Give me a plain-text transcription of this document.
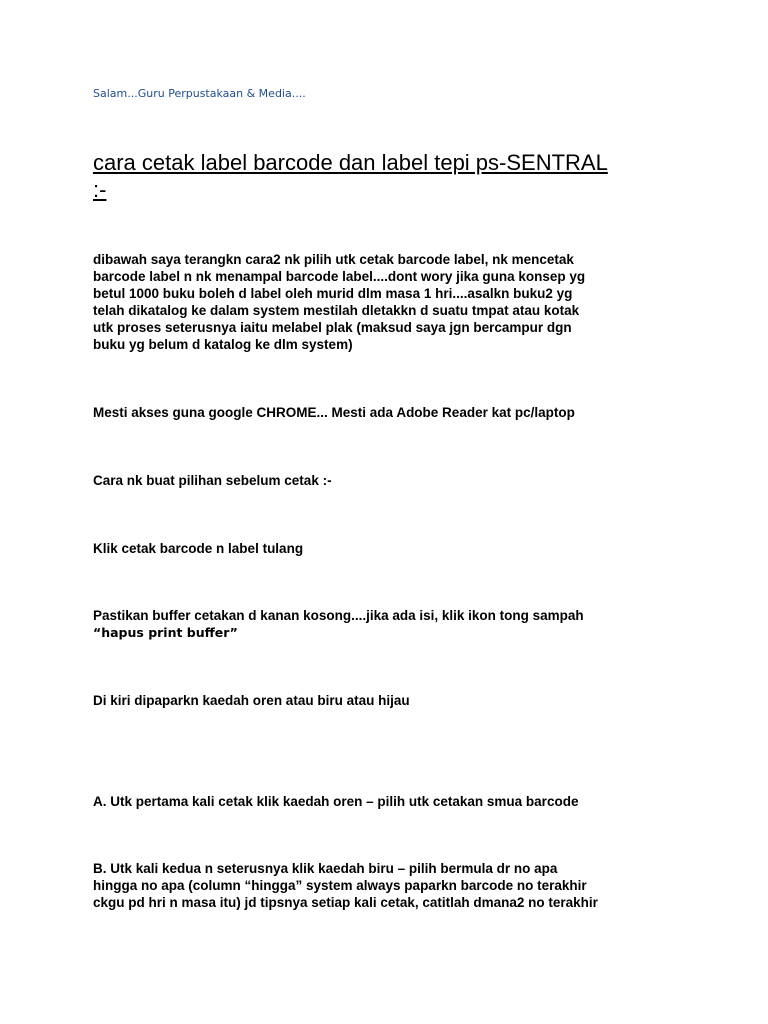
Salam...Guru Perpustakaan & Media....

cara cetak label barcode dan label tepi ps-SENTRAL
:-
dibawah saya terangkn cara2 nk pilih utk cetak barcode label, nk mencetak
barcode label n nk menampal barcode label....dont wory jika guna konsep yg
betul 1000 buku boleh d label oleh murid dlm masa 1 hri....asalkn buku2 yg
telah dikatalog ke dalam system mestilah dletakkn d suatu tmpat atau kotak
utk proses seterusnya iaitu melabel plak (maksud saya jgn bercampur dgn
buku yg belum d katalog ke dlm system)
Mesti akses guna google CHROME... Mesti ada Adobe Reader kat pc/laptop
Cara nk buat pilihan sebelum cetak :-
Klik cetak barcode n label tulang
Pastikan buffer cetakan d kanan kosong....jika ada isi, klik ikon tong sampah
“hapus print buffer”
Di kiri dipaparkn kaedah oren atau biru atau hijau
A. Utk pertama kali cetak klik kaedah oren – pilih utk cetakan smua barcode
B. Utk kali kedua n seterusnya klik kaedah biru – pilih bermula dr no apa
hingga no apa (column “hingga” system always paparkn barcode no terakhir
ckgu pd hri n masa itu) jd tipsnya setiap kali cetak, catitlah dmana2 no terakhir
